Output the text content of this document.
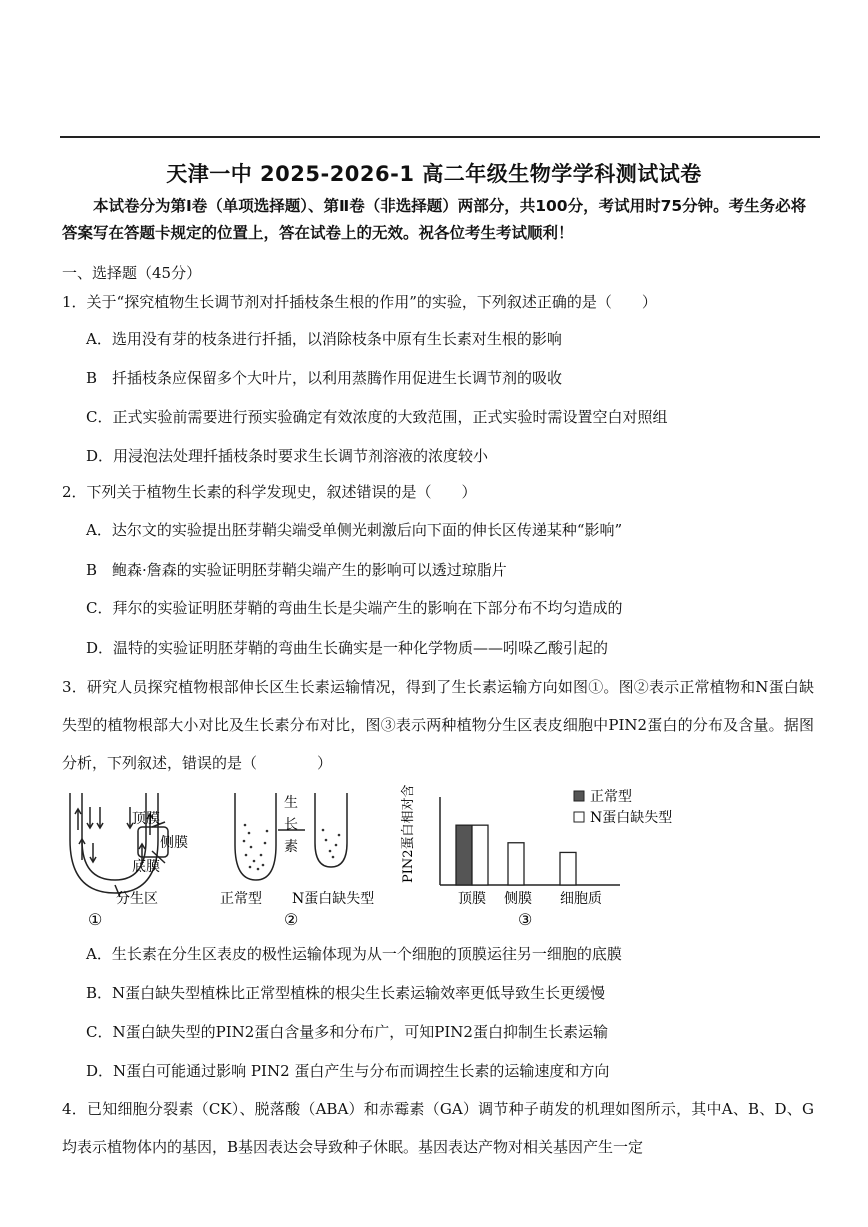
天津一中 2025-2026-1 高二年级生物学学科测试试卷
本试卷分为第Ⅰ卷（单项选择题）、第Ⅱ卷（非选择题）两部分，共100分，考试用时75分钟。考生务必将答案写在答题卡规定的位置上，答在试卷上的无效。祝各位考生考试顺利！
一、选择题（45分）
1．关于“探究植物生长调节剂对扦插枝条生根的作用”的实验，下列叙述正确的是（　　）
A．选用没有芽的枝条进行扦插，以消除枝条中原有生长素对生根的影响
B　扦插枝条应保留多个大叶片，以利用蒸腾作用促进生长调节剂的吸收
C．正式实验前需要进行预实验确定有效浓度的大致范围，正式实验时需设置空白对照组
D．用浸泡法处理扦插枝条时要求生长调节剂溶液的浓度较小
2．下列关于植物生长素的科学发现史，叙述错误的是（　　）
A．达尔文的实验提出胚芽鞘尖端受单侧光刺激后向下面的伸长区传递某种“影响”
B　鲍森·詹森的实验证明胚芽鞘尖端产生的影响可以透过琼脂片
C．拜尔的实验证明胚芽鞘的弯曲生长是尖端产生的影响在下部分布不均匀造成的
D．温特的实验证明胚芽鞘的弯曲生长确实是一种化学物质——吲哚乙酸引起的
3．研究人员探究植物根部伸长区生长素运输情况，得到了生长素运输方向如图①。图②表示正常植物和N蛋白缺失型的植物根部大小对比及生长素分布对比，图③表示两种植物分生区表皮细胞中PIN2蛋白的分布及含量。据图分析，下列叙述，错误的是（　　　　）
顶膜
侧膜
底膜
分生区
①
生
长
素
正常型 N蛋白缺失型
②
PIN2蛋白相对含量
顶膜 侧膜 细胞质
③
正常型
N蛋白缺失型
A．生长素在分生区表皮的极性运输体现为从一个细胞的顶膜运往另一细胞的底膜
B．N蛋白缺失型植株比正常型植株的根尖生长素运输效率更低导致生长更缓慢
C．N蛋白缺失型的PIN2蛋白含量多和分布广，可知PIN2蛋白抑制生长素运输
D．N蛋白可能通过影响 PIN2 蛋白产生与分布而调控生长素的运输速度和方向
4．已知细胞分裂素（CK）、脱落酸（ABA）和赤霉素（GA）调节种子萌发的机理如图所示，其中A、B、D、G均表示植物体内的基因，B基因表达会导致种子休眠。基因表达产物对相关基因产生一定
